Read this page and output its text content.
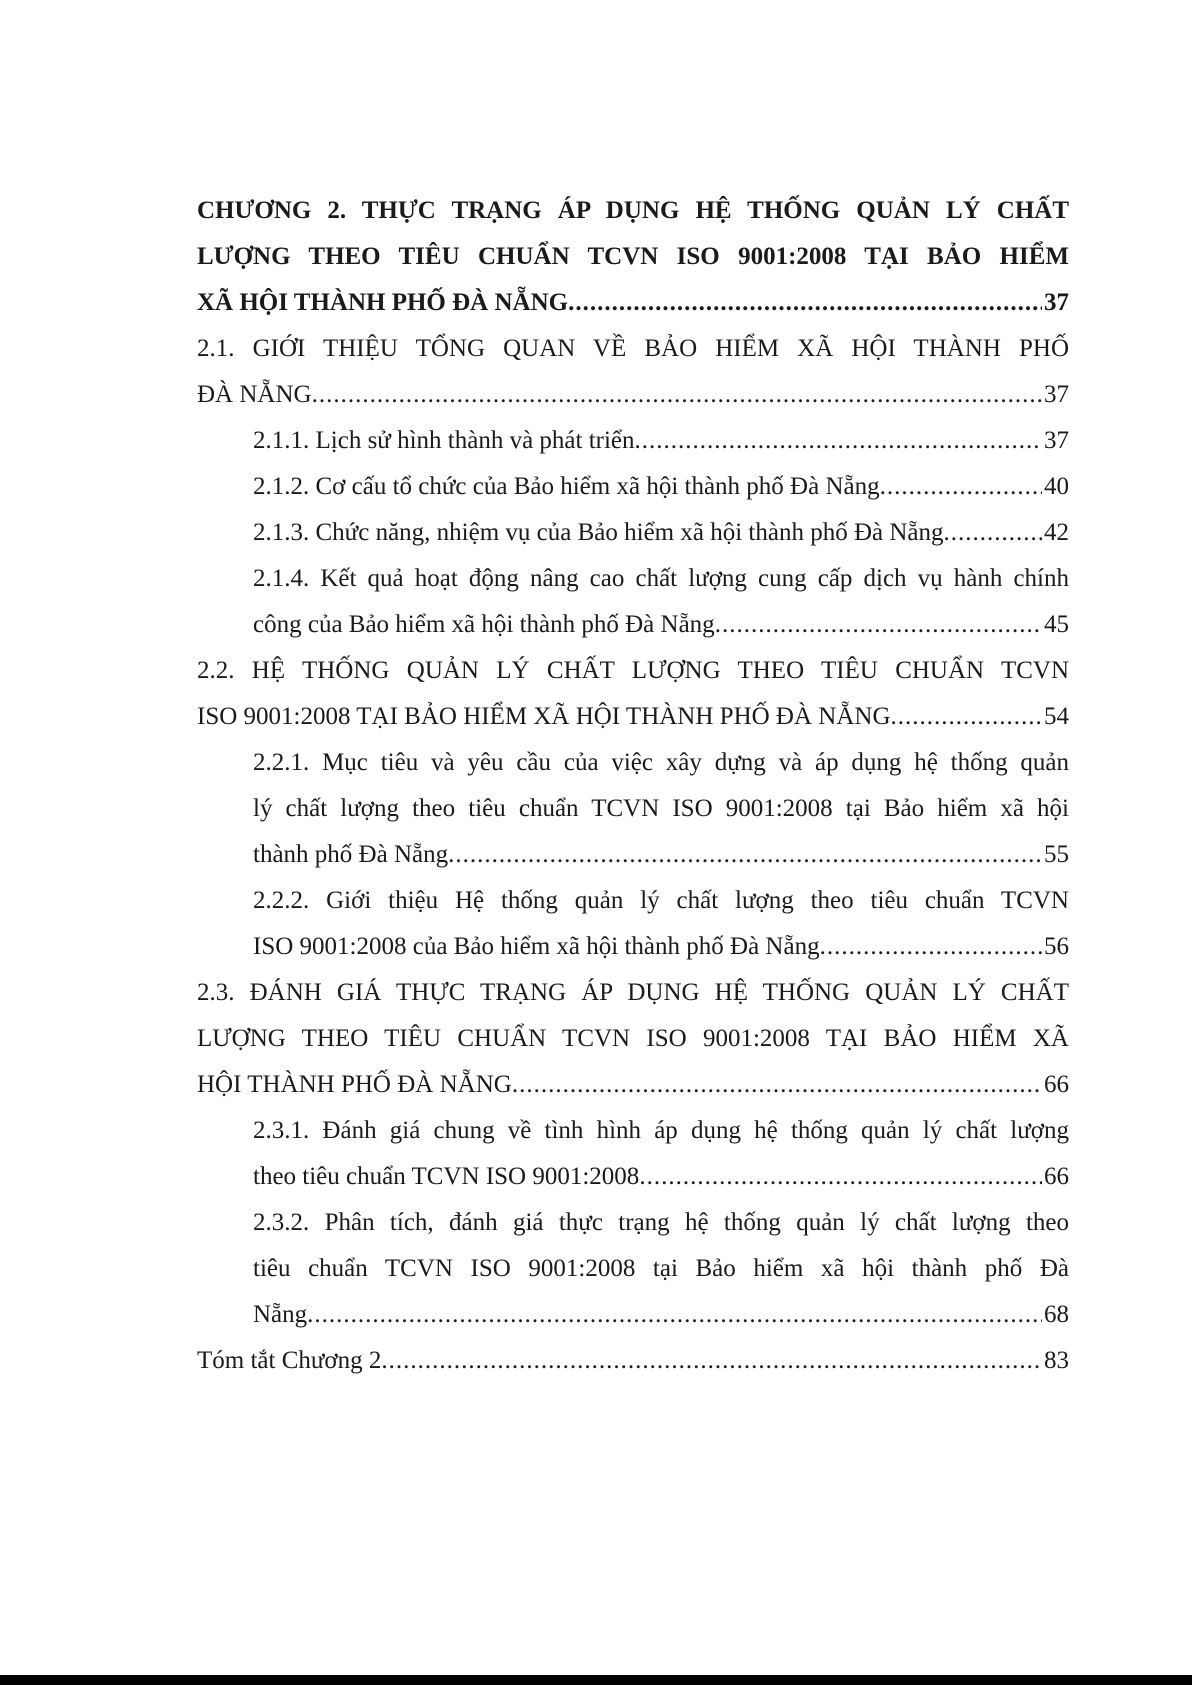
CHƯƠNG 2. THỰC TRẠNG ÁP DỤNG HỆ THỐNG QUẢN LÝ CHẤT
LƯỢNG THEO TIÊU CHUẨN TCVN ISO 9001:2008 TẠI BẢO HIỂM
XÃ HỘI THÀNH PHỐ ĐÀ NẴNG .....	37
2.1. GIỚI THIỆU TỔNG QUAN VỀ BẢO HIỂM XÃ HỘI THÀNH PHỐ
ĐÀ NẴNG .....	37
2.1.1. Lịch sử hình thành và phát triển .....	37
2.1.2. Cơ cấu tổ chức của Bảo hiểm xã hội thành phố Đà Nẵng .....	40
2.1.3. Chức năng, nhiệm vụ của Bảo hiểm xã hội thành phố Đà Nẵng .....	42
2.1.4. Kết quả hoạt động nâng cao chất lượng cung cấp dịch vụ hành chính
công của Bảo hiểm xã hội thành phố Đà Nẵng .....	45
2.2. HỆ THỐNG QUẢN LÝ CHẤT LƯỢNG THEO TIÊU CHUẨN TCVN
ISO 9001:2008 TẠI BẢO HIỂM XÃ HỘI THÀNH PHỐ ĐÀ NẴNG .....	54
2.2.1. Mục tiêu và yêu cầu của việc xây dựng và áp dụng hệ thống quản
lý chất lượng theo tiêu chuẩn TCVN ISO 9001:2008 tại Bảo hiểm xã hội
thành phố Đà Nẵng .....	55
2.2.2. Giới thiệu Hệ thống quản lý chất lượng theo tiêu chuẩn TCVN
ISO 9001:2008 của Bảo hiểm xã hội thành phố Đà Nẵng .....	56
2.3. ĐÁNH GIÁ THỰC TRẠNG ÁP DỤNG HỆ THỐNG QUẢN LÝ CHẤT
LƯỢNG THEO TIÊU CHUẨN TCVN ISO 9001:2008 TẠI BẢO HIỂM XÃ
HỘI THÀNH PHỐ ĐÀ NẴNG .....	66
2.3.1. Đánh giá chung về tình hình áp dụng hệ thống quản lý chất lượng
theo tiêu chuẩn TCVN ISO 9001:2008 .....	66
2.3.2. Phân tích, đánh giá thực trạng hệ thống quản lý chất lượng theo
tiêu chuẩn TCVN ISO 9001:2008 tại Bảo hiểm xã hội thành phố Đà
Nẵng .....	68
Tóm tắt Chương 2 .....	83
